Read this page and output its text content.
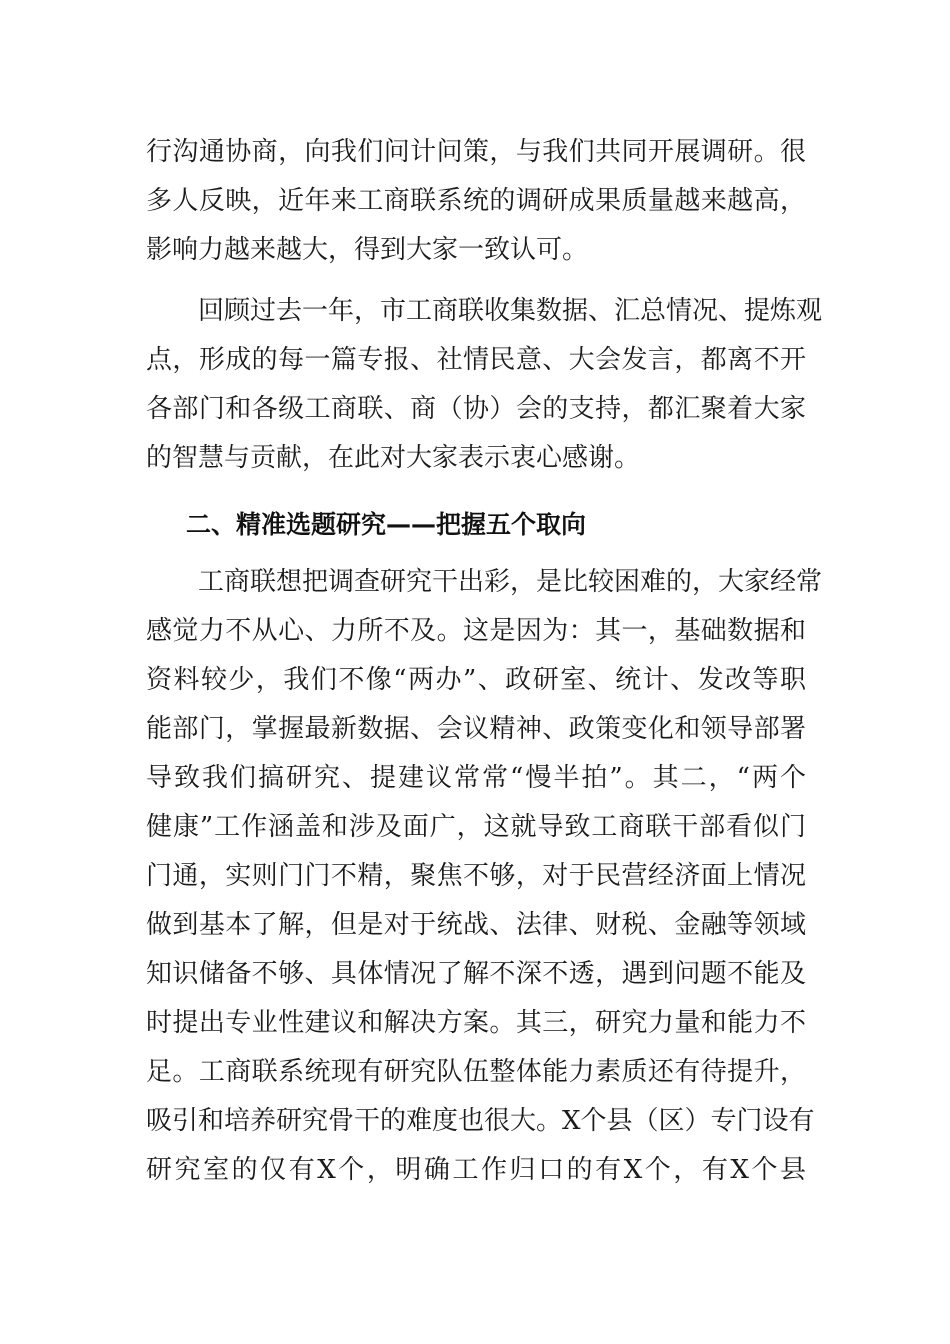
行沟通协商，向我们问计问策，与我们共同开展调研。很
多人反映，近年来工商联系统的调研成果质量越来越高，
影响力越来越大，得到大家一致认可。
　　回顾过去一年，市工商联收集数据、汇总情况、提炼观
点，形成的每一篇专报、社情民意、大会发言，都离不开
各部门和各级工商联、商（协）会的支持，都汇聚着大家
的智慧与贡献，在此对大家表示衷心感谢。
二、精准选题研究——把握五个取向
　　工商联想把调查研究干出彩，是比较困难的，大家经常
感觉力不从心、力所不及。这是因为：其一，基础数据和
资料较少，我们不像“两办”、政研室、统计、发改等职
能部门，掌握最新数据、会议精神、政策变化和领导部署
导致我们搞研究、提建议常常“慢半拍”。其二，“两个
健康”工作涵盖和涉及面广，这就导致工商联干部看似门
门通，实则门门不精，聚焦不够，对于民营经济面上情况
做到基本了解，但是对于统战、法律、财税、金融等领域
知识储备不够、具体情况了解不深不透，遇到问题不能及
时提出专业性建议和解决方案。其三，研究力量和能力不
足。工商联系统现有研究队伍整体能力素质还有待提升，
吸引和培养研究骨干的难度也很大。X个县（区）专门设有
研究室的仅有X个，明确工作归口的有X个，有X个县
